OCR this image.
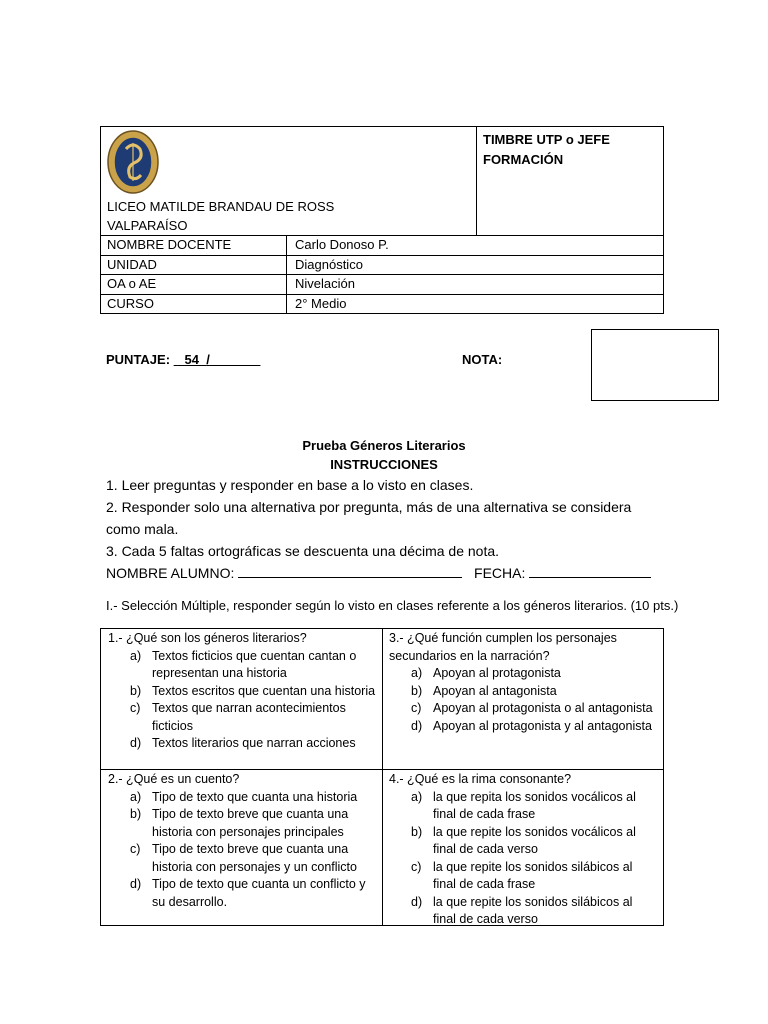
LICEO MATILDE BRANDAU DE ROSS
VALPARAÍSO
TIMBRE UTP o JEFE
FORMACIÓN
NOMBRE DOCENTE	Carlo Donoso P.
UNIDAD	Diagnóstico
OA o AE	Nivelación
CURSO	2° Medio
PUNTAJE: 54 /	NOTA:
Prueba Géneros Literarios
INSTRUCCIONES
1. Leer preguntas y responder en base a lo visto en clases.
2. Responder solo una alternativa por pregunta, más de una alternativa se considera como mala.
3. Cada 5 faltas ortográficas se descuenta una décima de nota.
NOMBRE ALUMNO:	FECHA:
I.- Selección Múltiple, responder según lo visto en clases referente a los géneros literarios. (10 pts.)
1.- ¿Qué son los géneros literarios?
a) Textos ficticios que cuentan cantan o representan una historia
b) Textos escritos que cuentan una historia
c) Textos que narran acontecimientos ficticios
d) Textos literarios que narran acciones
3.- ¿Qué función cumplen los personajes secundarios en la narración?
a) Apoyan al protagonista
b) Apoyan al antagonista
c) Apoyan al protagonista o al antagonista
d) Apoyan al protagonista y al antagonista
2.- ¿Qué es un cuento?
a) Tipo de texto que cuanta una historia
b) Tipo de texto breve que cuanta una historia con personajes principales
c) Tipo de texto breve que cuanta una historia con personajes y un conflicto
d) Tipo de texto que cuanta un conflicto y su desarrollo.
4.- ¿Qué es la rima consonante?
a) la que repita los sonidos vocálicos al final de cada frase
b) la que repite los sonidos vocálicos al final de cada verso
c) la que repite los sonidos silábicos al final de cada frase
d) la que repite los sonidos silábicos al final de cada verso
